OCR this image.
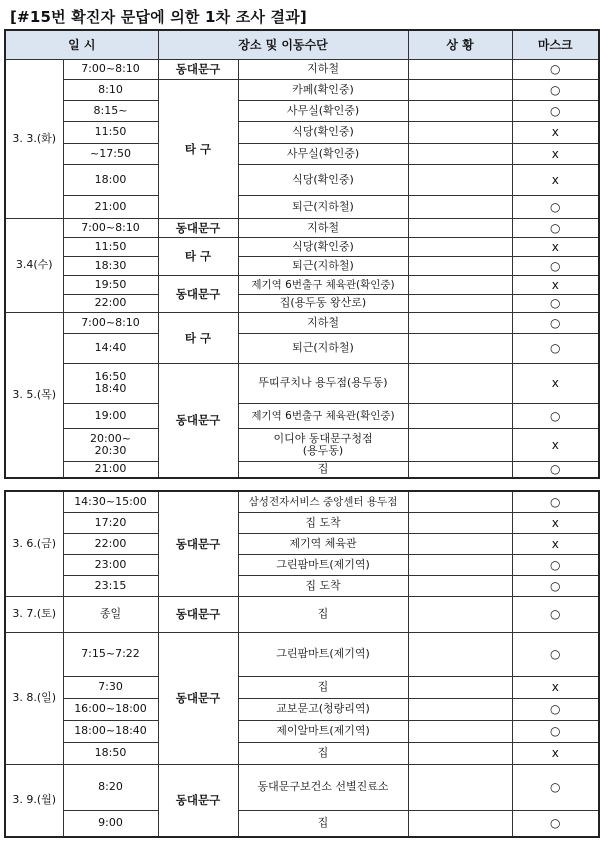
[#15번 확진자 문답에 의한 1차 조사 결과]
일 시		장소 및 이동수단		상 황	마스크
3. 3.(화)	7:00~8:10	동대문구	지하철		○
	8:10	타 구	카페(확인중)		○
	8:15~		사무실(확인중)		○
	11:50		식당(확인중)		x
	~17:50		사무실(확인중)		x
	18:00		식당(확인중)		x
	21:00		퇴근(지하철)		○
3.4(수)	7:00~8:10	동대문구	지하철		○
	11:50	타 구	식당(확인중)		x
	18:30		퇴근(지하철)		○
	19:50	동대문구	제기역 6번출구 체육관(확인중)		x
	22:00		집(용두동 왕산로)		○
3. 5.(목)	7:00~8:10	타 구	지하철		○
	14:40		퇴근(지하철)		○
	16:50
18:40	동대문구	뚜띠쿠치나 용두점(용두동)		x
	19:00		제기역 6번출구 체육관(확인중)		○
	20:00~
20:30		이디야 동대문구청점
(용두동)		x
	21:00		집		○
3. 6.(금)	14:30~15:00	동대문구	삼성전자서비스 중앙센터 용두점		○
	17:20		집 도착		x
	22:00		제기역 체육관		x
	23:00		그린팜마트(제기역)		○
	23:15		집 도착		○
3. 7.(토)	종일	동대문구	집		○
3. 8.(일)	7:15~7:22	동대문구	그린팜마트(제기역)		○
	7:30		집		x
	16:00~18:00		교보문고(청량리역)		○
	18:00~18:40		제이알마트(제기역)		○
	18:50		집		x
3. 9.(월)	8:20	동대문구	동대문구보건소 선별진료소		○
	9:00		집		○
